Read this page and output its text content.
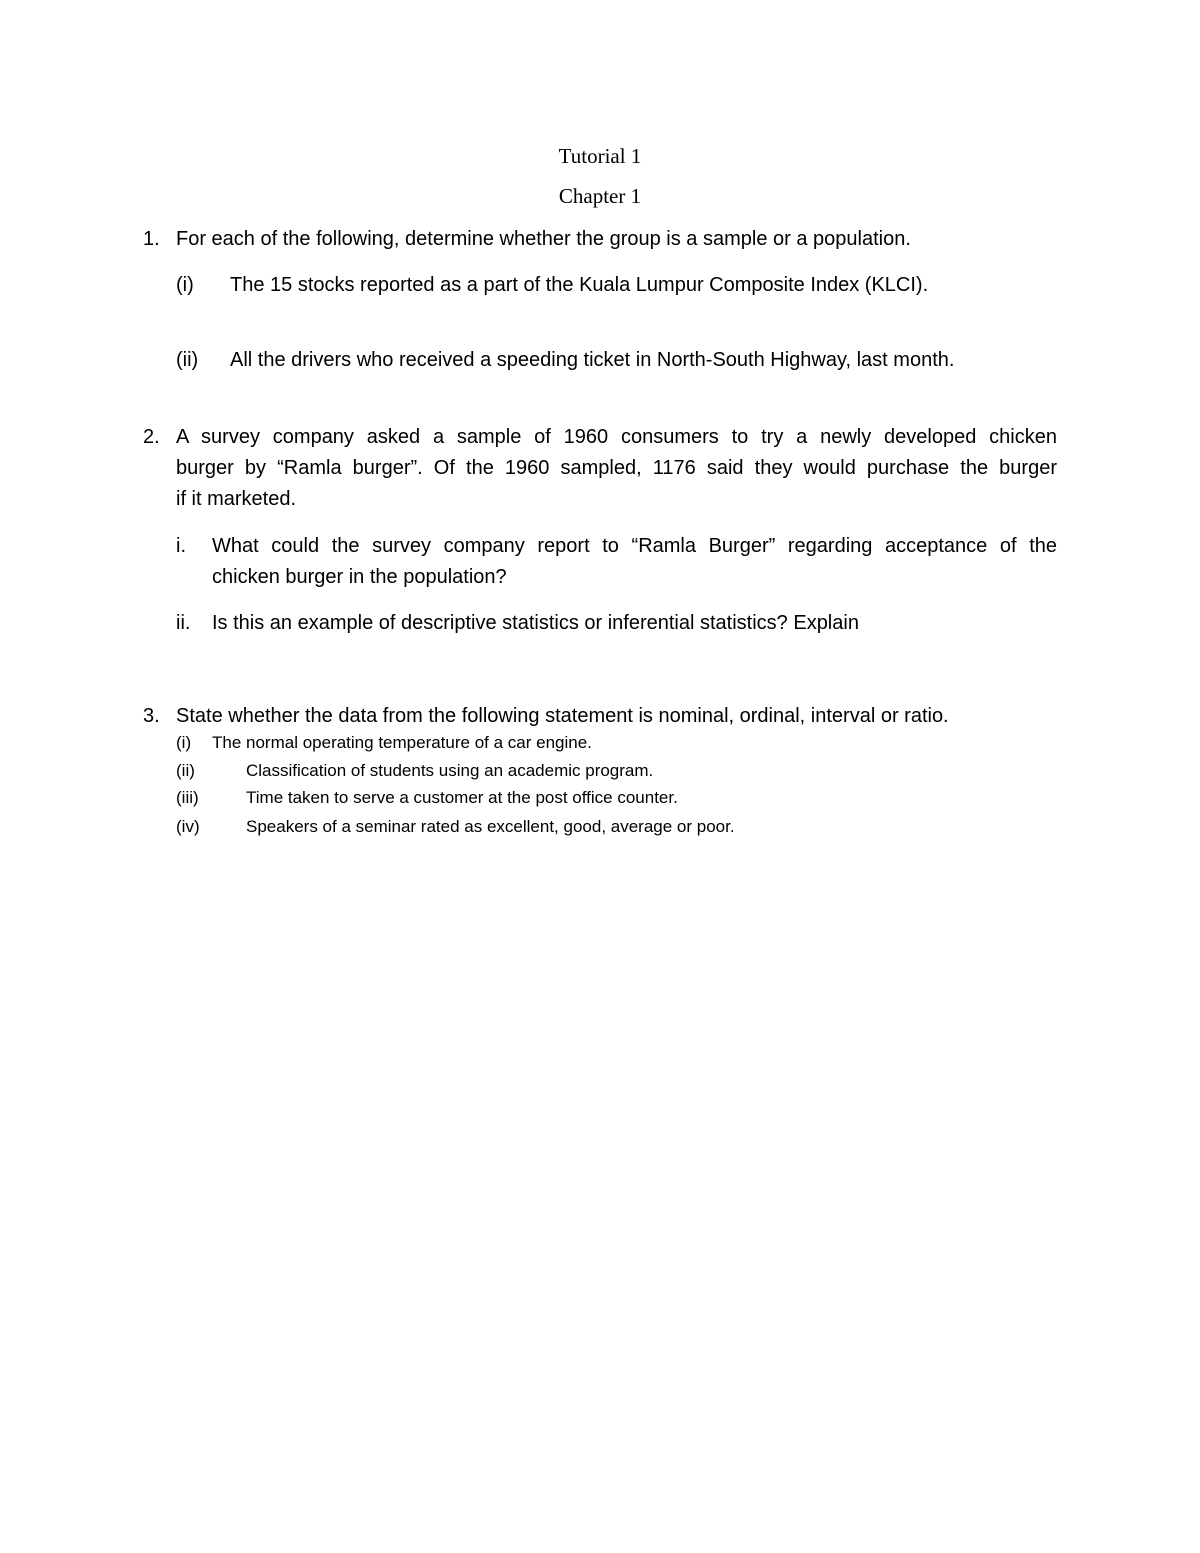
Tutorial 1
Chapter 1
1. For each of the following, determine whether the group is a sample or a population.
(i) The 15 stocks reported as a part of the Kuala Lumpur Composite Index (KLCI).
(ii) All the drivers who received a speeding ticket in North-South Highway, last month.
2. A survey company asked a sample of 1960 consumers to try a newly developed chicken
burger by “Ramla burger”. Of the 1960 sampled, 1176 said they would purchase the burger
if it marketed.
i. What could the survey company report to “Ramla Burger” regarding acceptance of the
chicken burger in the population?
ii. Is this an example of descriptive statistics or inferential statistics? Explain
3. State whether the data from the following statement is nominal, ordinal, interval or ratio.
(i) The normal operating temperature of a car engine.
(ii)	Classification of students using an academic program.
(iii)	Time taken to serve a customer at the post office counter.
(iv)	Speakers of a seminar rated as excellent, good, average or poor.
